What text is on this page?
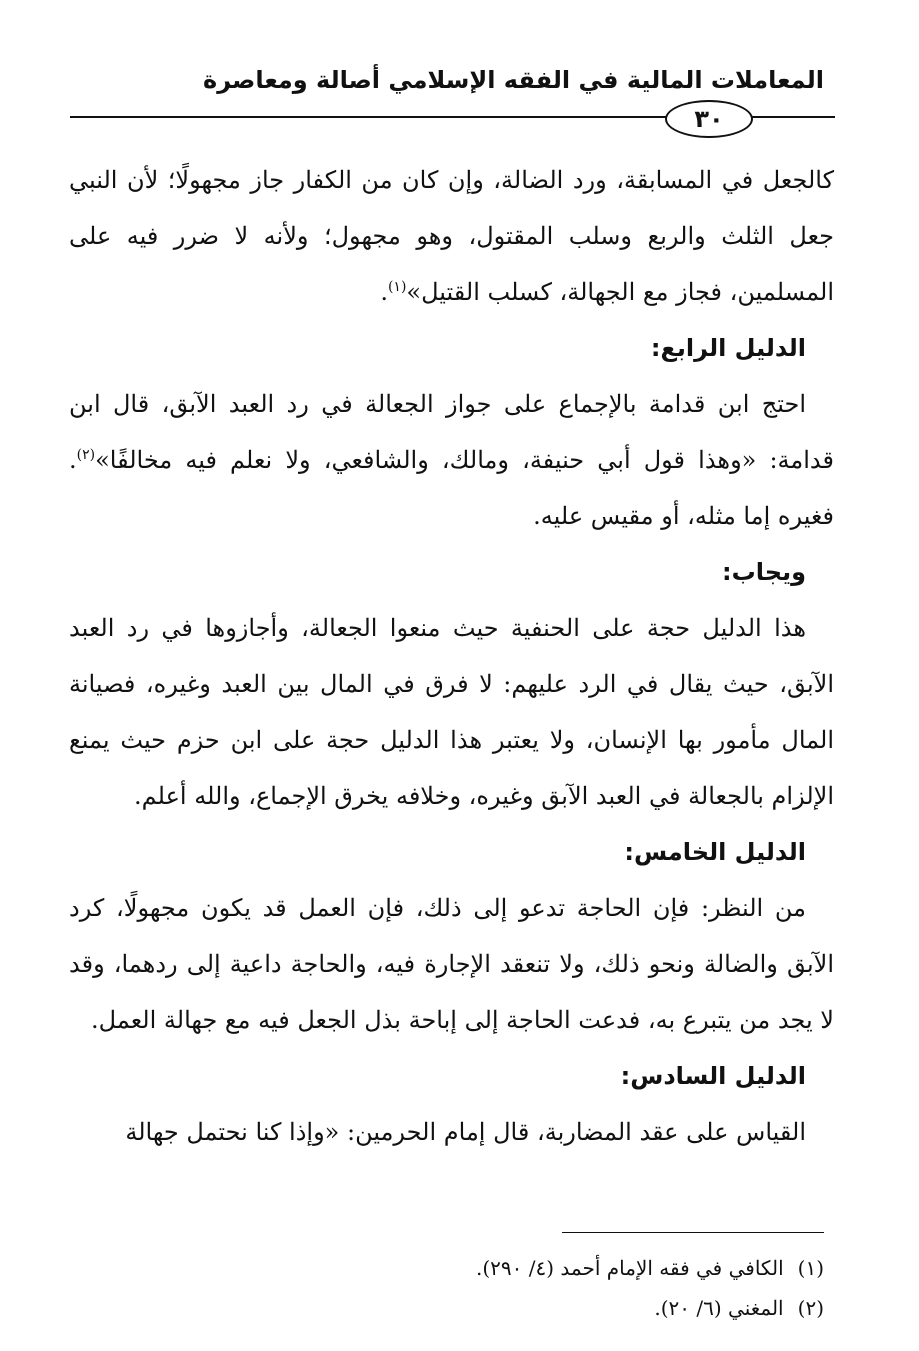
المعاملات المالية في الفقه الإسلامي أصالة ومعاصرة
٣٠

كالجعل في المسابقة، ورد الضالة، وإن كان من الكفار جاز مجهولًا؛ لأن النبي جعل الثلث والربع وسلب المقتول، وهو مجهول؛ ولأنه لا ضرر فيه على المسلمين، فجاز مع الجهالة، كسلب القتيل»$^{(١)}$.

الدليل الرابع:

احتج ابن قدامة بالإجماع على جواز الجعالة في رد العبد الآبق، قال ابن قدامة: «وهذا قول أبي حنيفة، ومالك، والشافعي، ولا نعلم فيه مخالفًا»$^{(٢)}$. فغيره إما مثله، أو مقيس عليه.

ويجاب:

هذا الدليل حجة على الحنفية حيث منعوا الجعالة، وأجازوها في رد العبد الآبق، حيث يقال في الرد عليهم: لا فرق في المال بين العبد وغيره، فصيانة المال مأمور بها الإنسان، ولا يعتبر هذا الدليل حجة على ابن حزم حيث يمنع الإلزام بالجعالة في العبد الآبق وغيره، وخلافه يخرق الإجماع، والله أعلم.

الدليل الخامس:

من النظر: فإن الحاجة تدعو إلى ذلك، فإن العمل قد يكون مجهولًا، كرد الآبق والضالة ونحو ذلك، ولا تنعقد الإجارة فيه، والحاجة داعية إلى ردهما، وقد لا يجد من يتبرع به، فدعت الحاجة إلى إباحة بذل الجعل فيه مع جهالة العمل.

الدليل السادس:

القياس على عقد المضاربة، قال إمام الحرمين: «وإذا كنا نحتمل جهالة

(١)الكافي في فقه الإمام أحمد (٤/ ٢٩٠).

(٢)المغني (٦/ ٢٠).
